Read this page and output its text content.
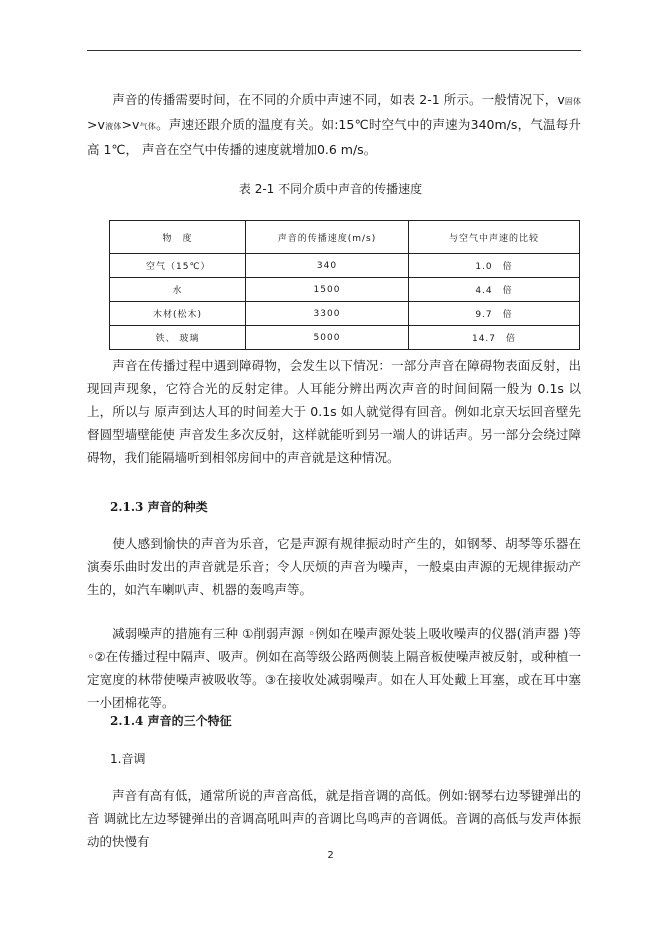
　　声音的传播需要时间，在不同的介质中声速不同，如表 2-1 所示。一般情况下，v固体>v液体>v气体。声速还跟介质的温度有关。如:15℃时空气中的声速为340m/s，气温每升高 1℃， 声音在空气中传播的速度就增加0.6 m/s。

表 2-1 不同介质中声音的传播速度

物　度	声音的传播速度(m/s)	与空气中声速的比较
空气（15℃）	340	1.0　倍
水	1500	4.4　倍
木材(松木)	3300	9.7　倍
铁、 玻璃	5000	14.7　倍

　　声音在传播过程中遇到障碍物，会发生以下情况：一部分声音在障碍物表面反射，出现回声现象，它符合光的反射定律。人耳能分辨出两次声音的时间间隔一般为 0.1s 以上，所以与 原声到达人耳的时间差大于 0.1s 如人就觉得有回音。例如北京天坛回音壁先督圆型墙壁能使 声音发生多次反射，这样就能听到另一端人的讲话声。另一部分会绕过障碍物，我们能隔墙听到相邻房间中的声音就是这种情况。

2.1.3 声音的种类

　　使人感到愉快的声音为乐音，它是声源有规律振动时产生的，如钢琴、胡琴等乐器在演奏乐曲时发出的声音就是乐音；令人厌烦的声音为噪声，一般桌由声源的无规律振动产生的，如汽车喇叭声、机器的轰鸣声等。

　　减弱噪声的措施有三种 ①削弱声源 ◦例如在噪声源处装上吸收噪声的仪器(消声器 )等 ◦②在传播过程中隔声、吸声。例如在高等级公路两侧装上隔音板使噪声被反射，或种植一定宽度的林带使噪声被吸收等。③在接收处减弱噪声。如在人耳处戴上耳塞，或在耳中塞一小团棉花等。

2.1.4 声音的三个特征

1.音调

　　声音有高有低，通常所说的声音高低，就是指音调的高低。例如:钢琴右边琴键弹出的音 调就比左边琴键弹出的音调高吼叫声的音调比鸟鸣声的音调低。音调的高低与发声体振动的快慢有

2
